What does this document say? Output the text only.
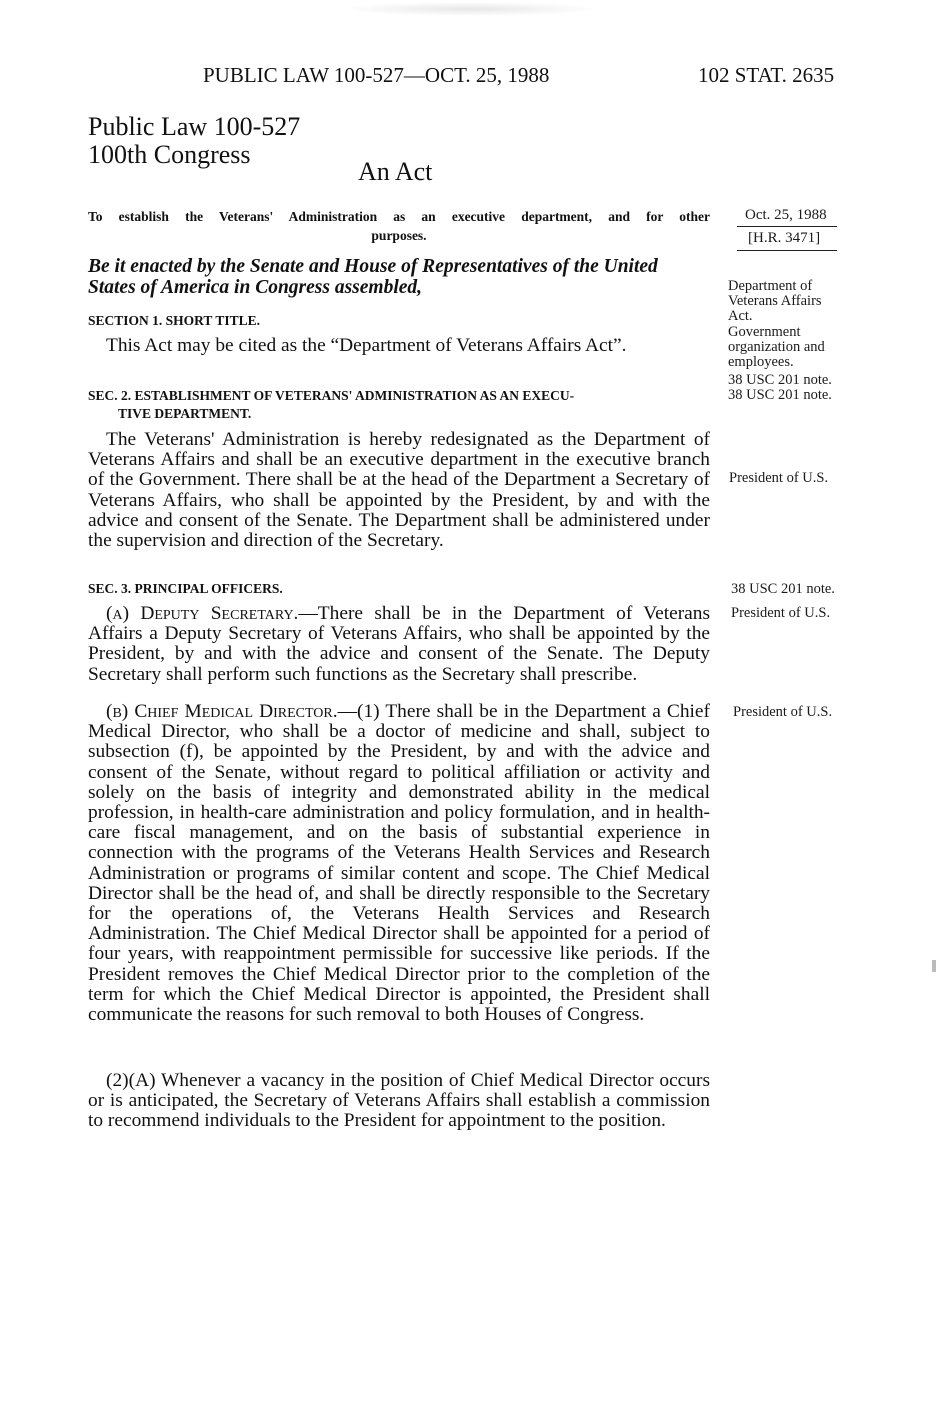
PUBLIC LAW 100-527—OCT. 25, 1988	102 STAT. 2635
Public Law 100-527
100th Congress
An Act
To establish the Veterans' Administration as an executive department, and for other
purposes.
Be it enacted by the Senate and House of Representatives of the United States of America in Congress assembled,
SECTION 1. SHORT TITLE.
This Act may be cited as the “Department of Veterans Affairs Act”.
SEC. 2. ESTABLISHMENT OF VETERANS' ADMINISTRATION AS AN EXECU-
TIVE DEPARTMENT.
The Veterans' Administration is hereby redesignated as the Department of Veterans Affairs and shall be an executive department in the executive branch of the Government. There shall be at the head of the Department a Secretary of Veterans Affairs, who shall be appointed by the President, by and with the advice and consent of the Senate. The Department shall be administered under the supervision and direction of the Secretary.
SEC. 3. PRINCIPAL OFFICERS.
(a) Deputy Secretary.—There shall be in the Department of Veterans Affairs a Deputy Secretary of Veterans Affairs, who shall be appointed by the President, by and with the advice and consent of the Senate. The Deputy Secretary shall perform such functions as the Secretary shall prescribe.
(b) Chief Medical Director.—(1) There shall be in the Department a Chief Medical Director, who shall be a doctor of medicine and shall, subject to subsection (f), be appointed by the President, by and with the advice and consent of the Senate, without regard to political affiliation or activity and solely on the basis of integrity and demonstrated ability in the medical profession, in health-care administration and policy formulation, and in health-care fiscal management, and on the basis of substantial experience in connection with the programs of the Veterans Health Services and Research Administration or programs of similar content and scope. The Chief Medical Director shall be the head of, and shall be directly responsible to the Secretary for the operations of, the Veterans Health Services and Research Administration. The Chief Medical Director shall be appointed for a period of four years, with reappointment permissible for successive like periods. If the President removes the Chief Medical Director prior to the completion of the term for which the Chief Medical Director is appointed, the President shall communicate the reasons for such removal to both Houses of Congress.
(2)(A) Whenever a vacancy in the position of Chief Medical Director occurs or is anticipated, the Secretary of Veterans Affairs shall establish a commission to recommend individuals to the President for appointment to the position.
Oct. 25, 1988
[H.R. 3471]
Department of
Veterans Affairs
Act.
Government
organization and
employees.
38 USC 201 note.
38 USC 201 note.
President of U.S.
38 USC 201 note.
President of U.S.
President of U.S.
